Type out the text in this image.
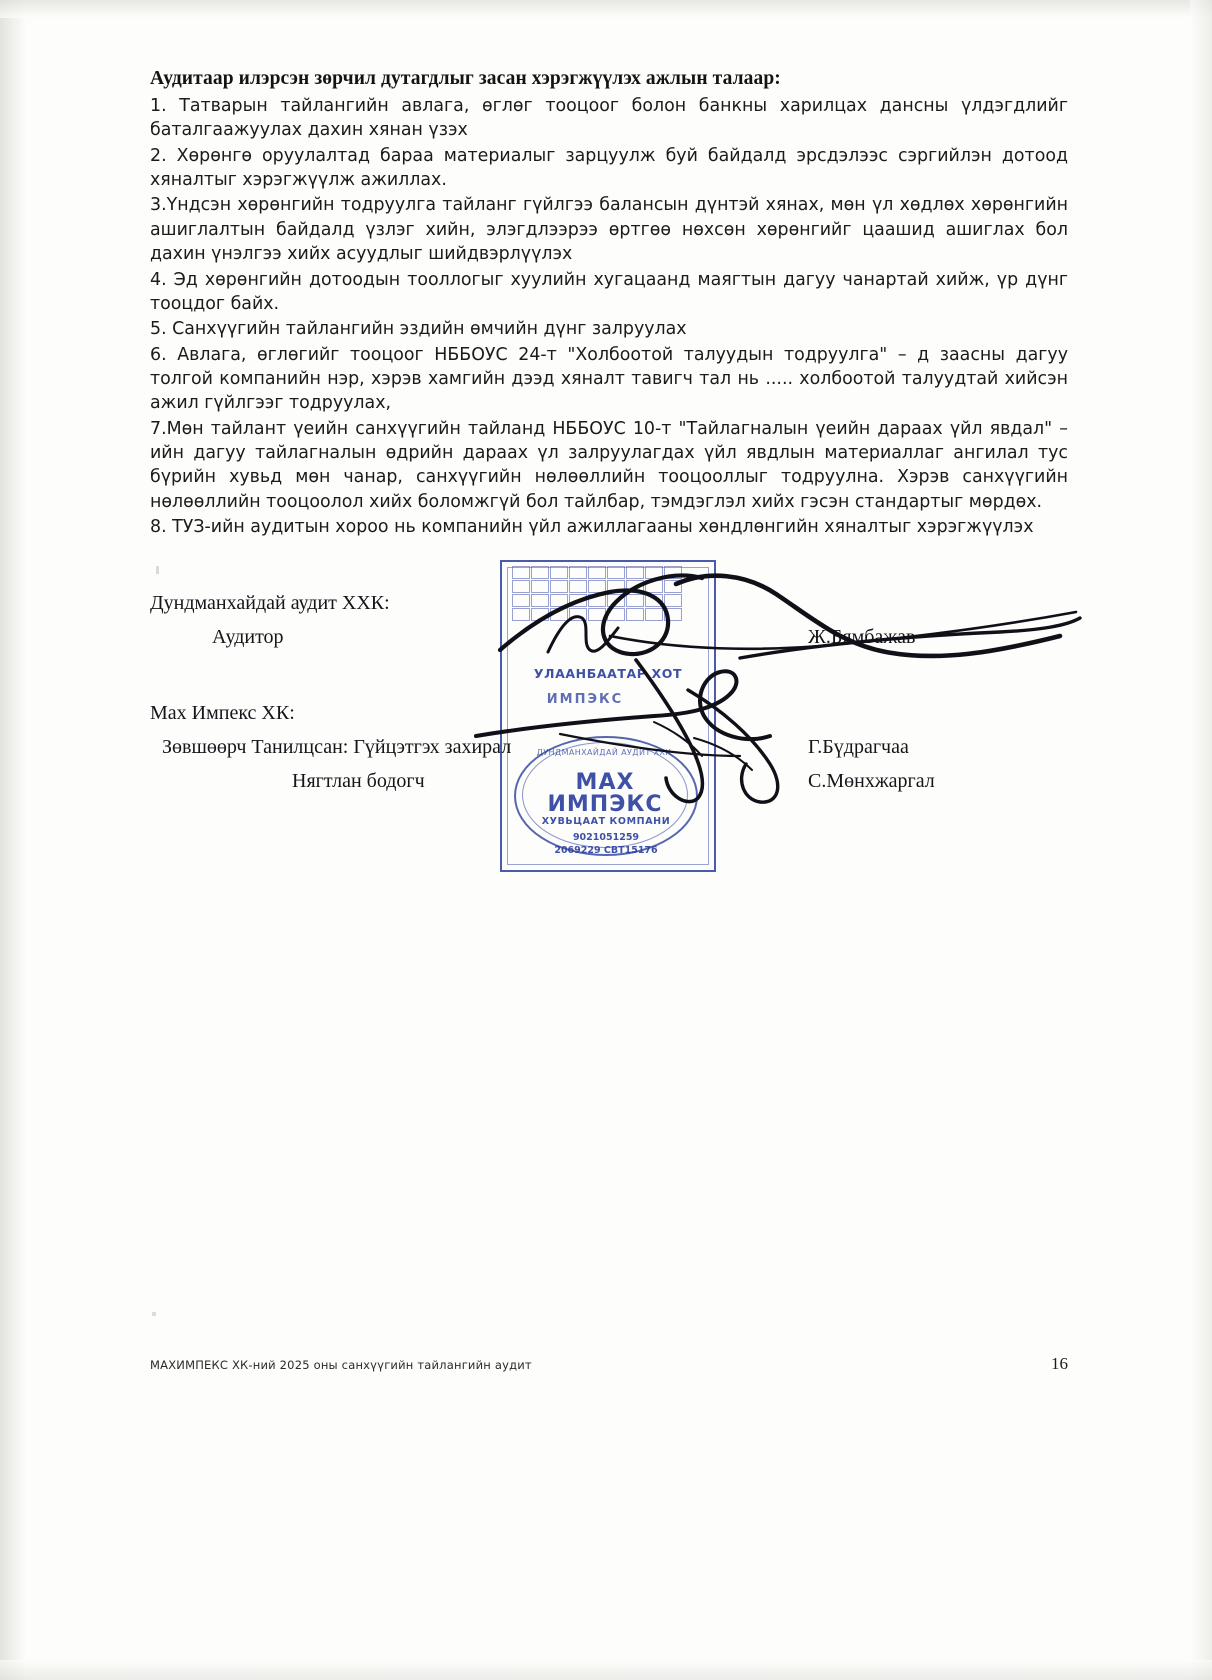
Аудитаар илэрсэн зөрчил дутагдлыг засан хэрэгжүүлэх ажлын талаар:

1. Татварын тайлангийн авлага, өглөг тооцоог болон банкны харилцах дансны үлдэгдлийг баталгаажуулах дахин хянан үзэх

2. Хөрөнгө оруулалтад бараа материалыг зарцуулж буй байдалд эрсдэлээс сэргийлэн дотоод хяналтыг хэрэгжүүлж ажиллах.

3.Үндсэн хөрөнгийн тодруулга тайланг гүйлгээ балансын дүнтэй хянах, мөн үл хөдлөх хөрөнгийн ашиглалтын байдалд үзлэг хийн, элэгдлээрээ өртгөө нөхсөн хөрөнгийг цаашид ашиглах бол дахин үнэлгээ хийх асуудлыг шийдвэрлүүлэх

4. Эд хөрөнгийн дотоодын тооллогыг хуулийн хугацаанд маягтын дагуу чанартай хийж, үр дүнг тооцдог байх.

5. Санхүүгийн тайлангийн эздийн өмчийн дүнг залруулах

6. Авлага, өглөгийг тооцоог НББОУС 24-т "Холбоотой талуудын тодруулга" – д заасны дагуу толгой компанийн нэр, хэрэв хамгийн дээд хяналт тавигч тал нь ..... холбоотой талуудтай хийсэн ажил гүйлгээг тодруулах,

7.Мөн тайлант үеийн санхүүгийн тайланд НББОУС 10-т "Тайлагналын үеийн дараах үйл явдал" – ийн дагуу тайлагналын өдрийн дараах үл залруулагдах үйл явдлын материаллаг ангилал тус бүрийн хувьд мөн чанар, санхүүгийн нөлөөллийн тооцооллыг тодруулна. Хэрэв санхүүгийн нөлөөллийн тооцоолол хийх боломжгүй бол тайлбар, тэмдэглэл хийх гэсэн стандартыг мөрдөх.

8. ТУЗ-ийн аудитын хороо нь компанийн үйл ажиллагааны хөндлөнгийн хяналтыг хэрэгжүүлэх

Дундманхайдай аудит ХХК:
Аудитор	Ж.Бямбажав
Мах Импекс ХК:
Зөвшөөрч Танилцсан: Гүйцэтгэх захирал	Г.Бүдрагчаа
Нягтлан бодогч	С.Мөнхжаргал
УЛААНБААТАР ХОТ
ИМПЭКС
ДУНДМАНХАЙДАЙ АУДИТ ХХК
МАХ
ИМПЭКС
ХУВЬЦААТ КОМПАНИ
9021051259
2069229 СВТ15176
МАХИМПЕКС ХК-ний 2025 оны санхүүгийн тайлангийн аудит	16
